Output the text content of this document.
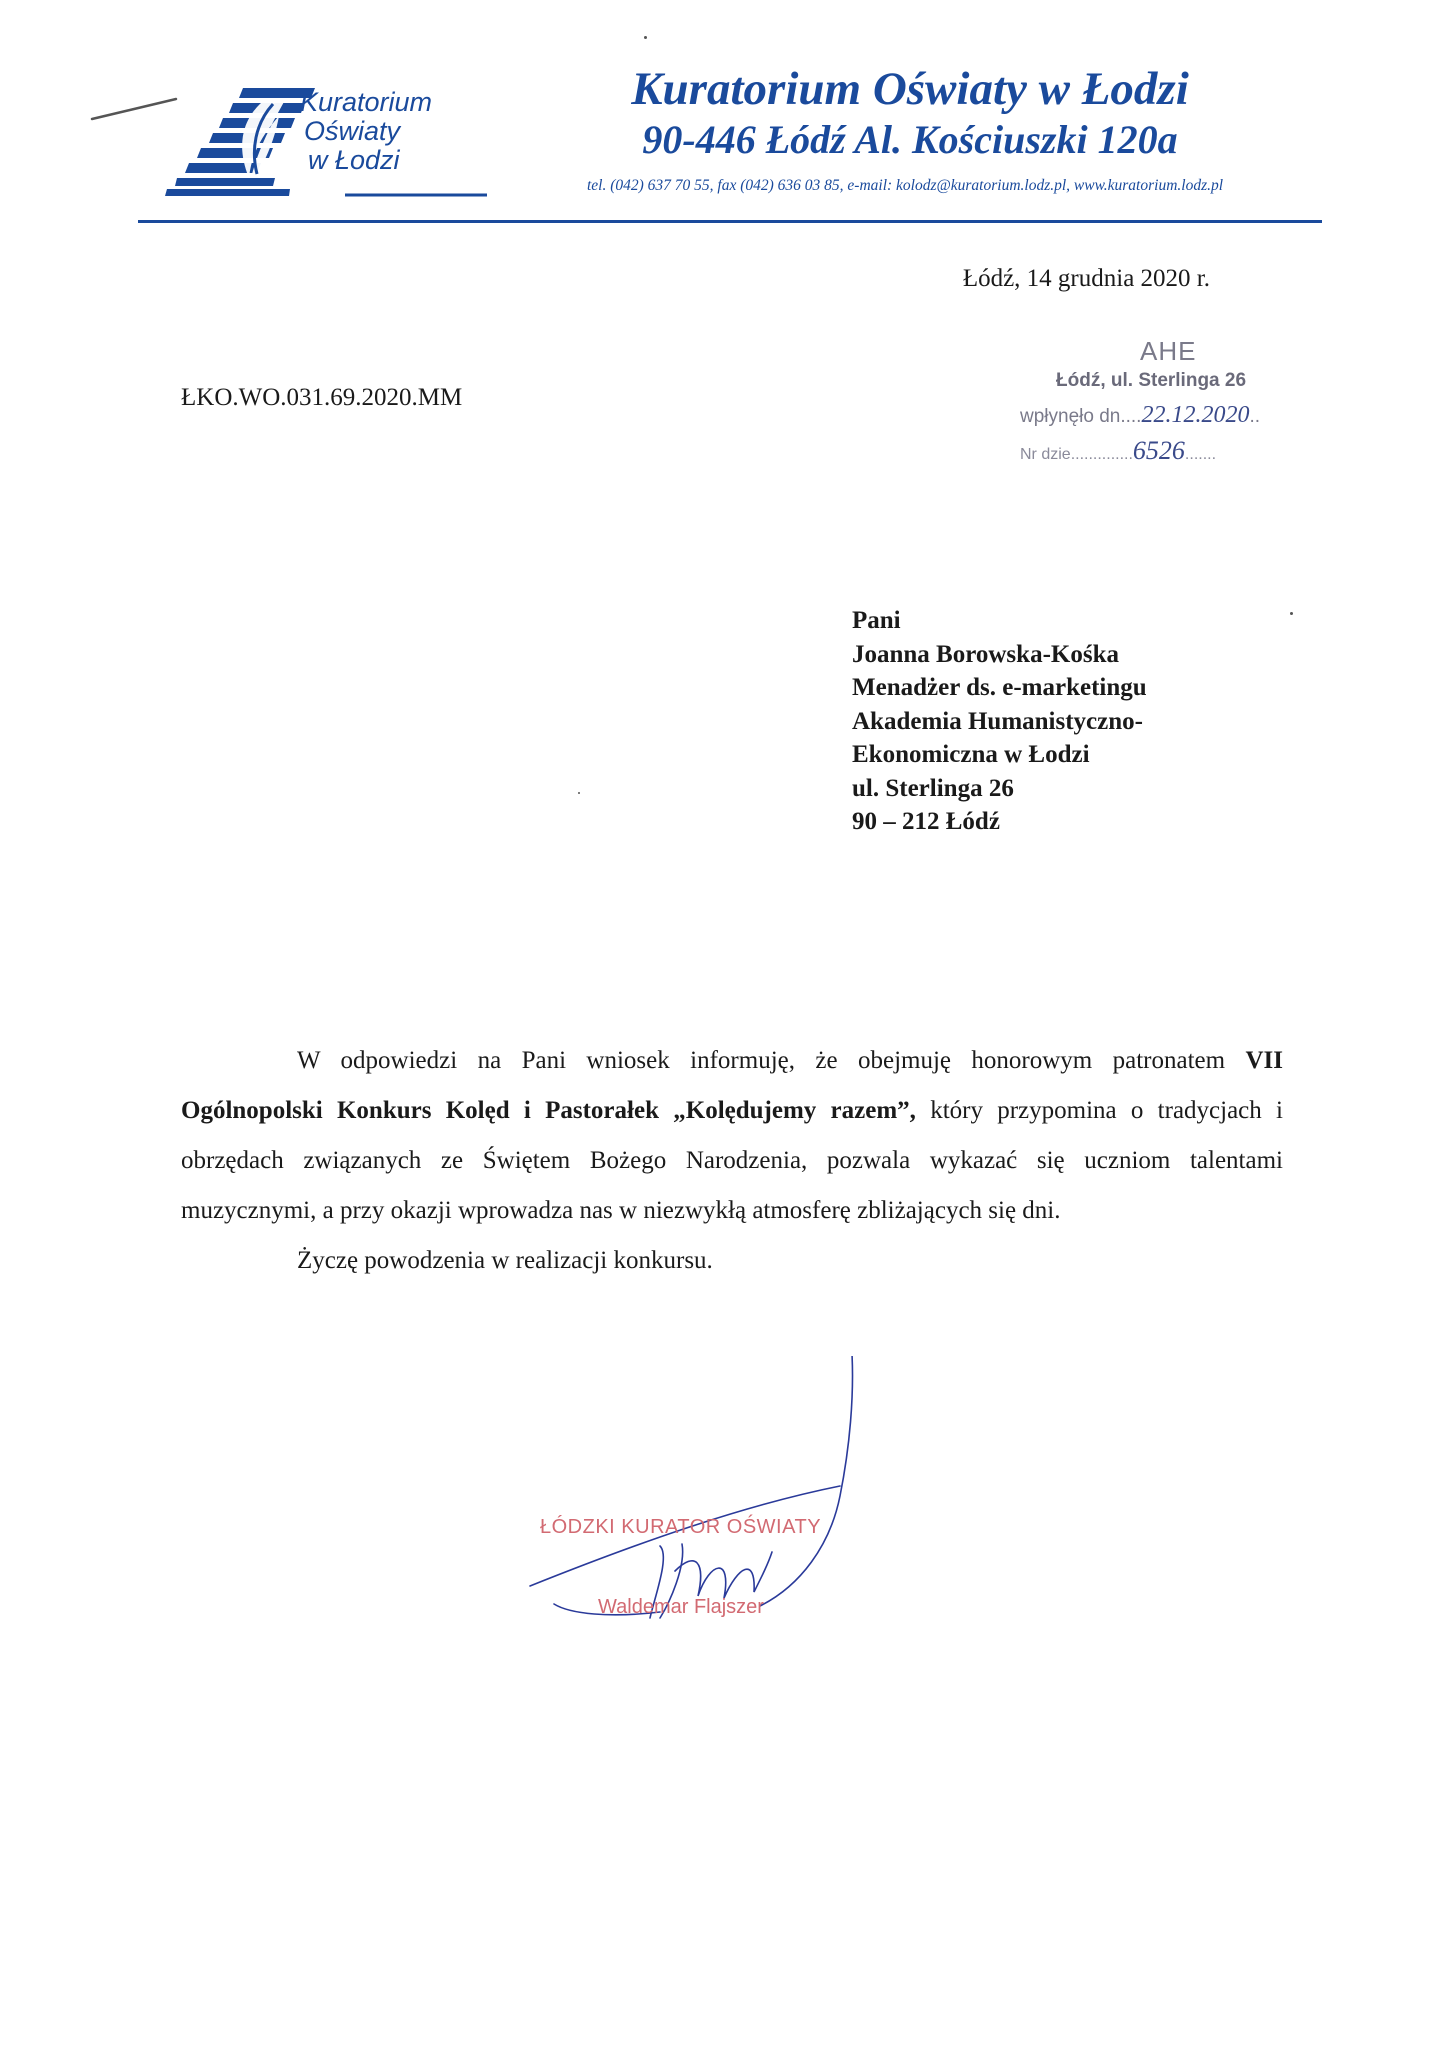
Kuratorium
Oświaty
w Łodzi
Kuratorium Oświaty w Łodzi
90-446 Łódź Al. Kościuszki 120a
tel. (042) 637 70 55, fax (042) 636 03 85, e-mail: kolodz@kuratorium.lodz.pl, www.kuratorium.lodz.pl
Łódź, 14 grudnia 2020 r.
ŁKO.WO.031.69.2020.MM
AHE
Łódź, ul. Sterlinga 26
wpłynęło dn....22.12.2020..
Nr dzie..............6526.......
Pani
Joanna Borowska-Kośka
Menadżer ds. e-marketingu
Akademia Humanistyczno-
Ekonomiczna w Łodzi
ul. Sterlinga 26
90 – 212 Łódź

W odpowiedzi na Pani wniosek informuję, że obejmuję honorowym patronatem VII Ogólnopolski Konkurs Kolęd i Pastorałek „Kolędujemy razem”, który przypomina o tradycjach i obrzędach związanych ze Świętem Bożego Narodzenia, pozwala wykazać się uczniom talentami muzycznymi, a przy okazji wprowadza nas w niezwykłą atmosferę zbliżających się dni.

Życzę powodzenia w realizacji konkursu.

ŁÓDZKI KURATOR OŚWIATY
Waldemar Flajszer
